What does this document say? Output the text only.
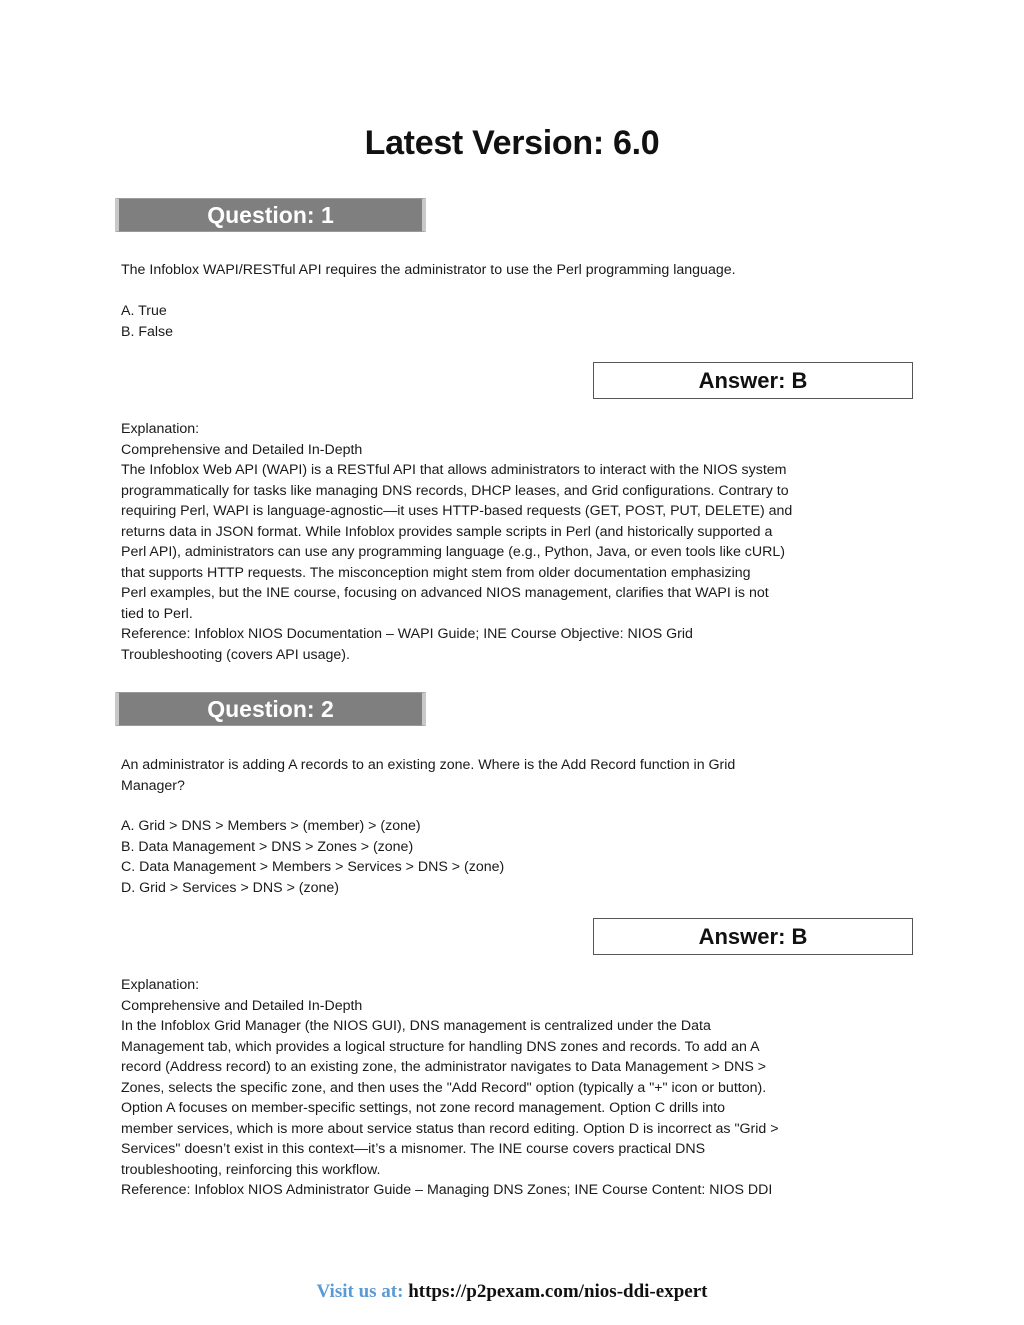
Latest Version: 6.0
Question: 1
The Infoblox WAPI/RESTful API requires the administrator to use the Perl programming language.
A. True
B. False
Answer: B
Explanation:
Comprehensive and Detailed In-Depth
The Infoblox Web API (WAPI) is a RESTful API that allows administrators to interact with the NIOS system
programmatically for tasks like managing DNS records, DHCP leases, and Grid configurations. Contrary to
requiring Perl, WAPI is language-agnostic—it uses HTTP-based requests (GET, POST, PUT, DELETE) and
returns data in JSON format. While Infoblox provides sample scripts in Perl (and historically supported a
Perl API), administrators can use any programming language (e.g., Python, Java, or even tools like cURL)
that supports HTTP requests. The misconception might stem from older documentation emphasizing
Perl examples, but the INE course, focusing on advanced NIOS management, clarifies that WAPI is not
tied to Perl.
Reference: Infoblox NIOS Documentation – WAPI Guide; INE Course Objective: NIOS Grid
Troubleshooting (covers API usage).
Question: 2
An administrator is adding A records to an existing zone. Where is the Add Record function in Grid
Manager?
A. Grid > DNS > Members > (member) > (zone)
B. Data Management > DNS > Zones > (zone)
C. Data Management > Members > Services > DNS > (zone)
D. Grid > Services > DNS > (zone)
Answer: B
Explanation:
Comprehensive and Detailed In-Depth
In the Infoblox Grid Manager (the NIOS GUI), DNS management is centralized under the Data
Management tab, which provides a logical structure for handling DNS zones and records. To add an A
record (Address record) to an existing zone, the administrator navigates to Data Management > DNS >
Zones, selects the specific zone, and then uses the "Add Record" option (typically a "+" icon or button).
Option A focuses on member-specific settings, not zone record management. Option C drills into
member services, which is more about service status than record editing. Option D is incorrect as "Grid >
Services" doesn’t exist in this context—it’s a misnomer. The INE course covers practical DNS
troubleshooting, reinforcing this workflow.
Reference: Infoblox NIOS Administrator Guide – Managing DNS Zones; INE Course Content: NIOS DDI
Visit us at: https://p2pexam.com/nios-ddi-expert
